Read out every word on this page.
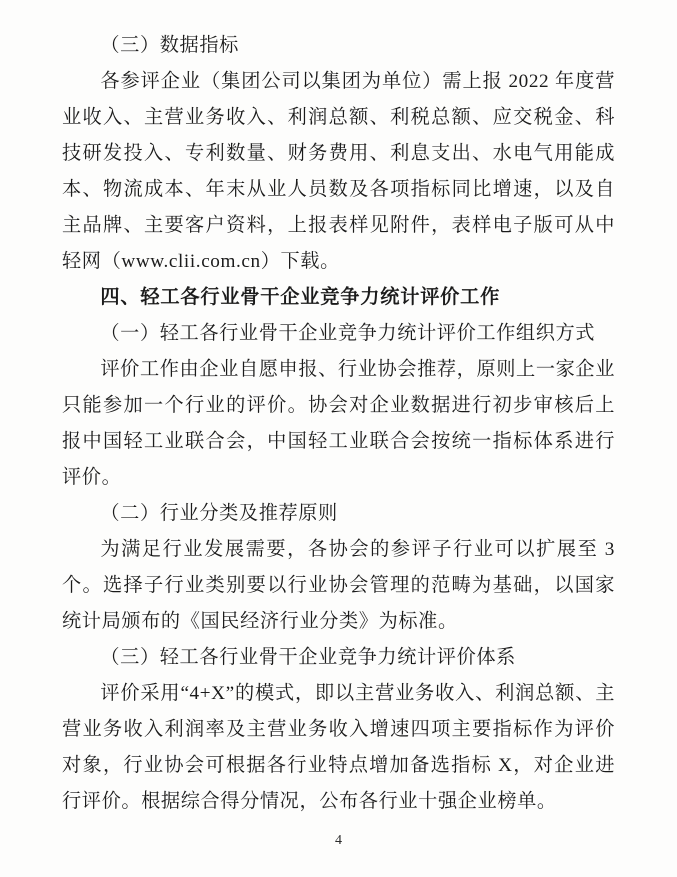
（三）数据指标

各参评企业（集团公司以集团为单位）需上报 2022 年度营业收入、主营业务收入、利润总额、利税总额、应交税金、科技研发投入、专利数量、财务费用、利息支出、水电气用能成本、物流成本、年末从业人员数及各项指标同比增速，以及自主品牌、主要客户资料，上报表样见附件，表样电子版可从中轻网（www.clii.com.cn）下载。

四、轻工各行业骨干企业竞争力统计评价工作

（一）轻工各行业骨干企业竞争力统计评价工作组织方式

评价工作由企业自愿申报、行业协会推荐，原则上一家企业只能参加一个行业的评价。协会对企业数据进行初步审核后上报中国轻工业联合会，中国轻工业联合会按统一指标体系进行评价。

（二）行业分类及推荐原则

为满足行业发展需要，各协会的参评子行业可以扩展至 3 个。选择子行业类别要以行业协会管理的范畴为基础，以国家统计局颁布的《国民经济行业分类》为标准。

（三）轻工各行业骨干企业竞争力统计评价体系

评价采用“4+X”的模式，即以主营业务收入、利润总额、主营业务收入利润率及主营业务收入增速四项主要指标作为评价对象，行业协会可根据各行业特点增加备选指标 X，对企业进行评价。根据综合得分情况，公布各行业十强企业榜单。

4
